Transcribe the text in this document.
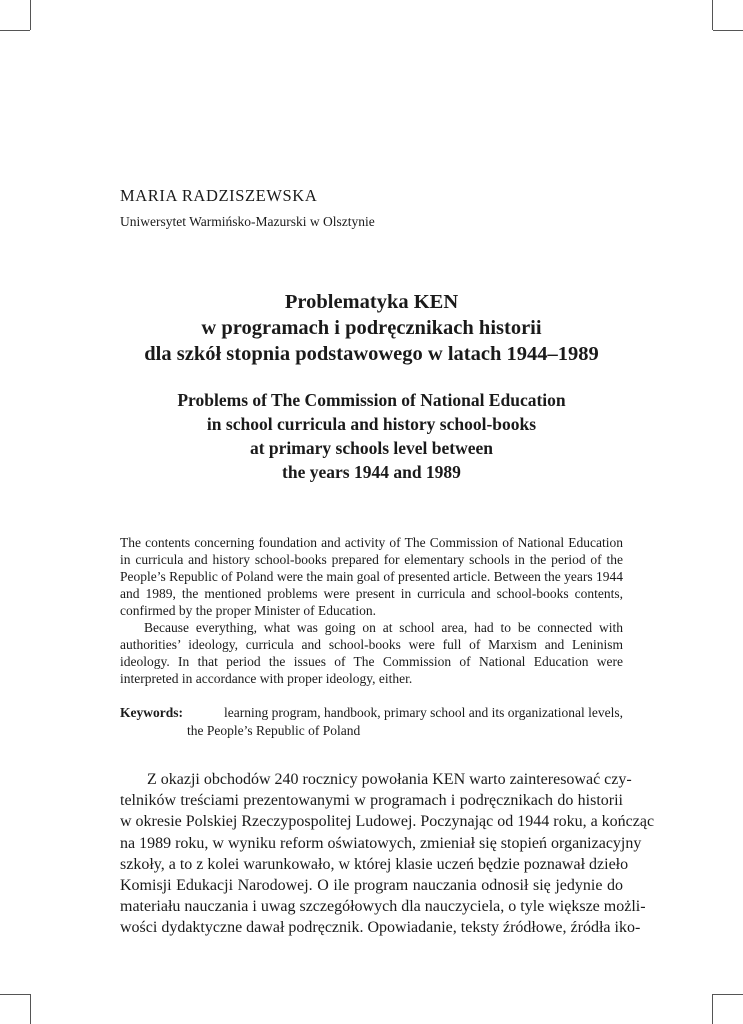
MARIA RADZISZEWSKA
Uniwersytet Warmińsko-Mazurski w Olsztynie
Problematyka KEN
w programach i podręcznikach historii
dla szkół stopnia podstawowego w latach 1944–1989
Problems of The Commission of National Education
in school curricula and history school-books
at primary schools level between
the years 1944 and 1989

The contents concerning foundation and activity of The Commission of National Education in curricula and history school-books prepared for elementary schools in the period of the People’s Republic of Poland were the main goal of presented article. Between the years 1944 and 1989, the mentioned problems were present in curricula and school-books contents, confirmed by the proper Minister of Education.

Because everything, what was going on at school area, had to be connected with authorities’ ideology, curricula and school-books were full of Marxism and Leninism ideology. In that period the issues of The Commission of National Education were interpreted in accordance with proper ideology, either.

Keywords:	learning program, handbook, primary school and its organizational levels,
the People’s Republic of Poland
Z okazji obchodów 240 rocznicy powołania KEN warto zainteresować czy-
telników treściami prezentowanymi w programach i podręcznikach do historii
w okresie Polskiej Rzeczypospolitej Ludowej. Poczynając od 1944 roku, a kończąc
na 1989 roku, w wyniku reform oświatowych, zmieniał się stopień organizacyjny
szkoły, a to z kolei warunkowało, w której klasie uczeń będzie poznawał dzieło
Komisji Edukacji Narodowej. O ile program nauczania odnosił się jedynie do
materiału nauczania i uwag szczegółowych dla nauczyciela, o tyle większe możli-
wości dydaktyczne dawał podręcznik. Opowiadanie, teksty źródłowe, źródła iko-
